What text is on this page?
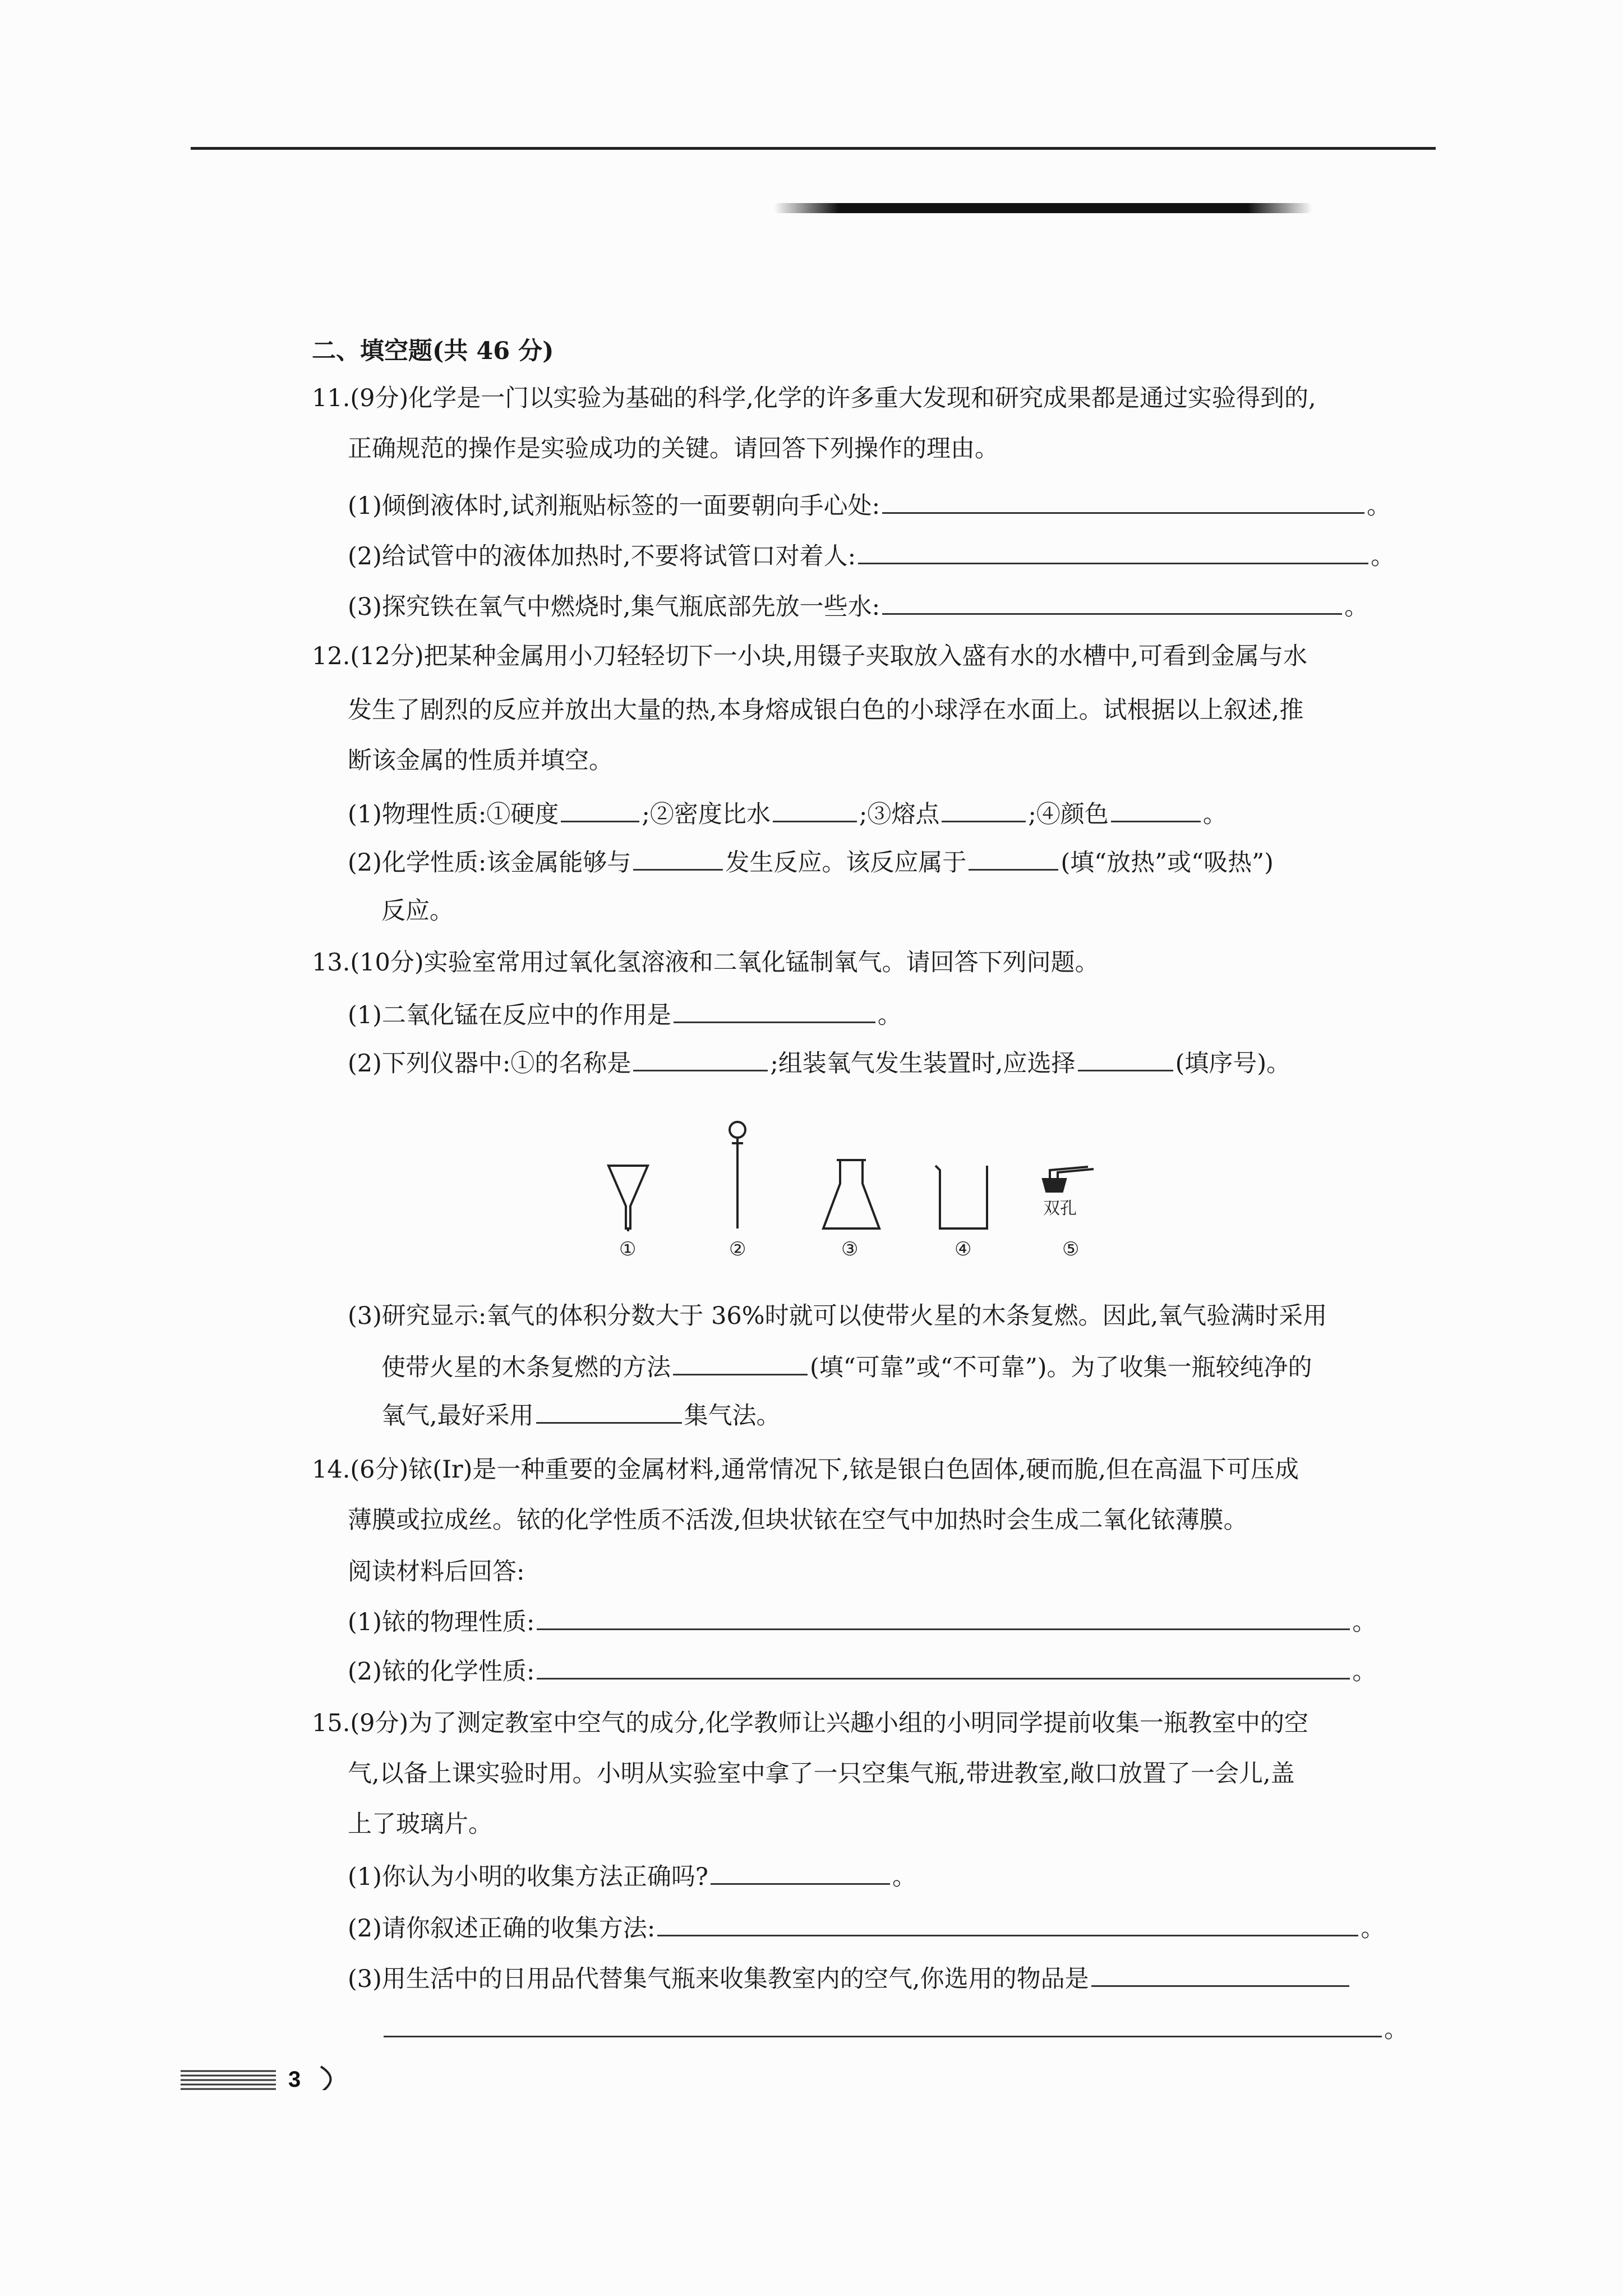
二、填空题(共 46 分)
11.(9分)化学是一门以实验为基础的科学,化学的许多重大发现和研究成果都是通过实验得到的,
正确规范的操作是实验成功的关键。请回答下列操作的理由。
(1)倾倒液体时,试剂瓶贴标签的一面要朝向手心处:	。
(2)给试管中的液体加热时,不要将试管口对着人:	。
(3)探究铁在氧气中燃烧时,集气瓶底部先放一些水:	。
12.(12分)把某种金属用小刀轻轻切下一小块,用镊子夹取放入盛有水的水槽中,可看到金属与水
发生了剧烈的反应并放出大量的热,本身熔成银白色的小球浮在水面上。试根据以上叙述,推
断该金属的性质并填空。
(1)物理性质:①硬度	;②密度比水	;③熔点	;④颜色	。
(2)化学性质:该金属能够与	发生反应。该反应属于	(填“放热”或“吸热”)
反应。
13.(10分)实验室常用过氧化氢溶液和二氧化锰制氧气。请回答下列问题。
(1)二氧化锰在反应中的作用是	。
(2)下列仪器中:①的名称是	;组装氧气发生装置时,应选择	(填序号)。
双孔
①	②	③	④	⑤
(3)研究显示:氧气的体积分数大于 36%时就可以使带火星的木条复燃。因此,氧气验满时采用
使带火星的木条复燃的方法	(填“可靠”或“不可靠”)。为了收集一瓶较纯净的
氧气,最好采用	集气法。
14.(6分)铱(Ir)是一种重要的金属材料,通常情况下,铱是银白色固体,硬而脆,但在高温下可压成
薄膜或拉成丝。铱的化学性质不活泼,但块状铱在空气中加热时会生成二氧化铱薄膜。
阅读材料后回答:
(1)铱的物理性质:	。
(2)铱的化学性质:	。
15.(9分)为了测定教室中空气的成分,化学教师让兴趣小组的小明同学提前收集一瓶教室中的空
气,以备上课实验时用。小明从实验室中拿了一只空集气瓶,带进教室,敞口放置了一会儿,盖
上了玻璃片。
(1)你认为小明的收集方法正确吗?	。
(2)请你叙述正确的收集方法:	。
(3)用生活中的日用品代替集气瓶来收集教室内的空气,你选用的物品是
。
3
